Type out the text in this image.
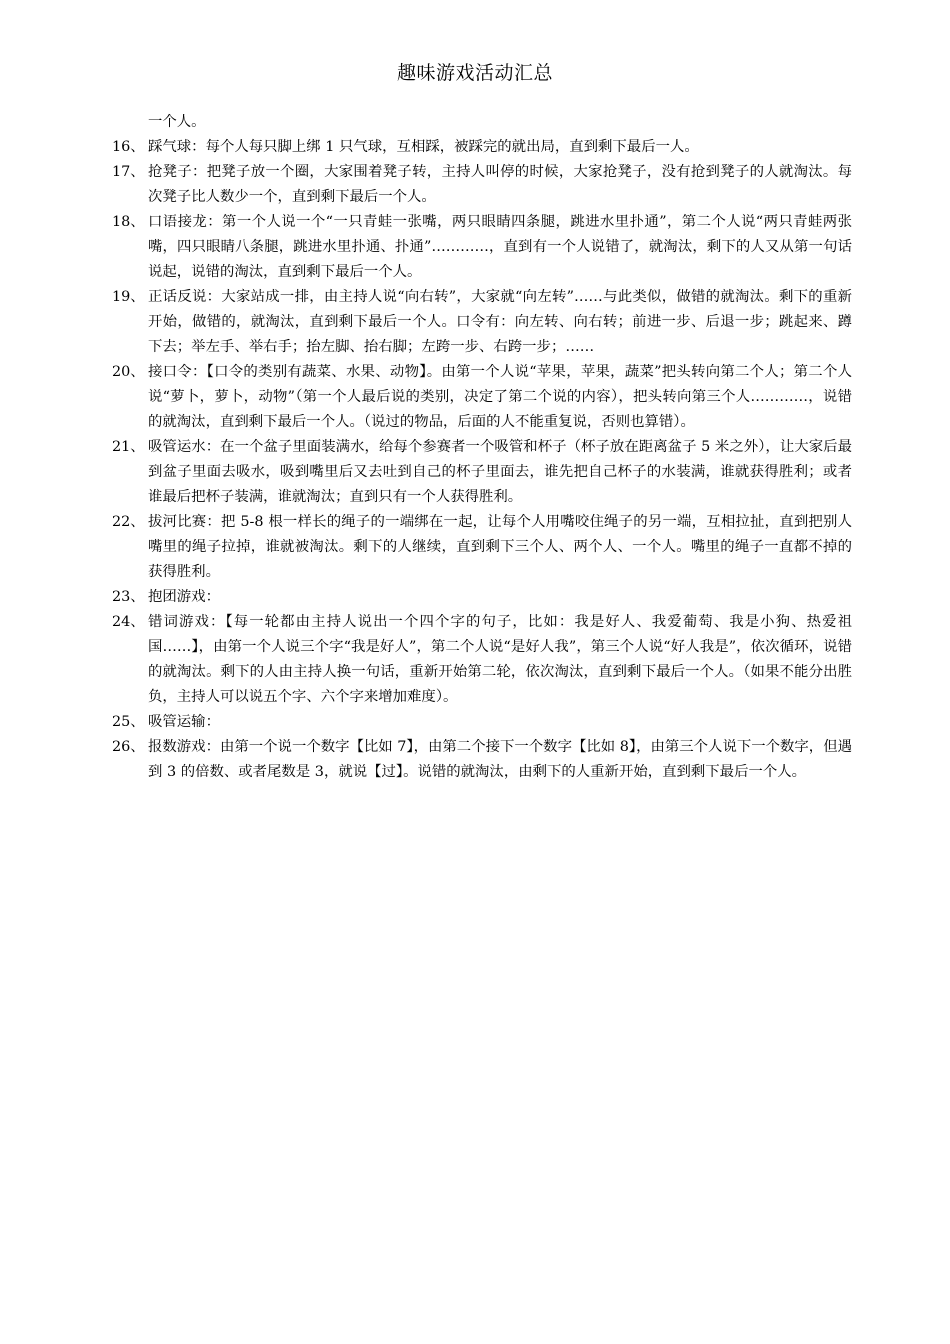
趣味游戏活动汇总
一个人。
16、 踩气球：每个人每只脚上绑 1 只气球，互相踩，被踩完的就出局，直到剩下最后一人。
17、 抢凳子：把凳子放一个圈，大家围着凳子转，主持人叫停的时候，大家抢凳子，没有抢到凳子的人就淘汰。每次凳子比人数少一个，直到剩下最后一个人。
18、 口语接龙：第一个人说一个“一只青蛙一张嘴，两只眼睛四条腿，跳进水里扑通”，第二个人说“两只青蛙两张嘴，四只眼睛八条腿，跳进水里扑通、扑通”…………，直到有一个人说错了，就淘汰，剩下的人又从第一句话说起，说错的淘汰，直到剩下最后一个人。
19、 正话反说：大家站成一排，由主持人说“向右转”，大家就“向左转”……与此类似，做错的就淘汰。剩下的重新开始，做错的，就淘汰，直到剩下最后一个人。口令有：向左转、向右转；前进一步、后退一步；跳起来、蹲下去；举左手、举右手；抬左脚、抬右脚；左跨一步、右跨一步；……
20、 接口令：【口令的类别有蔬菜、水果、动物】。由第一个人说“苹果，苹果，蔬菜”把头转向第二个人；第二个人说“萝卜，萝卜，动物”（第一个人最后说的类别，决定了第二个说的内容），把头转向第三个人…………，说错的就淘汰，直到剩下最后一个人。（说过的物品，后面的人不能重复说，否则也算错）。
21、 吸管运水：在一个盆子里面装满水，给每个参赛者一个吸管和杯子（杯子放在距离盆子 5 米之外），让大家后最到盆子里面去吸水，吸到嘴里后又去吐到自己的杯子里面去，谁先把自己杯子的水装满，谁就获得胜利；或者谁最后把杯子装满，谁就淘汰；直到只有一个人获得胜利。
22、 拔河比赛：把 5-8 根一样长的绳子的一端绑在一起，让每个人用嘴咬住绳子的另一端，互相拉扯，直到把别人嘴里的绳子拉掉，谁就被淘汰。剩下的人继续，直到剩下三个人、两个人、一个人。嘴里的绳子一直都不掉的获得胜利。
23、 抱团游戏：
24、 错词游戏：【每一轮都由主持人说出一个四个字的句子，比如：我是好人、我爱葡萄、我是小狗、热爱祖国……】，由第一个人说三个字“我是好人”，第二个人说“是好人我”，第三个人说“好人我是”，依次循环，说错的就淘汰。剩下的人由主持人换一句话，重新开始第二轮，依次淘汰，直到剩下最后一个人。（如果不能分出胜负，主持人可以说五个字、六个字来增加难度）。
25、 吸管运输：
26、 报数游戏：由第一个说一个数字【比如 7】，由第二个接下一个数字【比如 8】，由第三个人说下一个数字，但遇到 3 的倍数、或者尾数是 3，就说【过】。说错的就淘汰，由剩下的人重新开始，直到剩下最后一个人。
